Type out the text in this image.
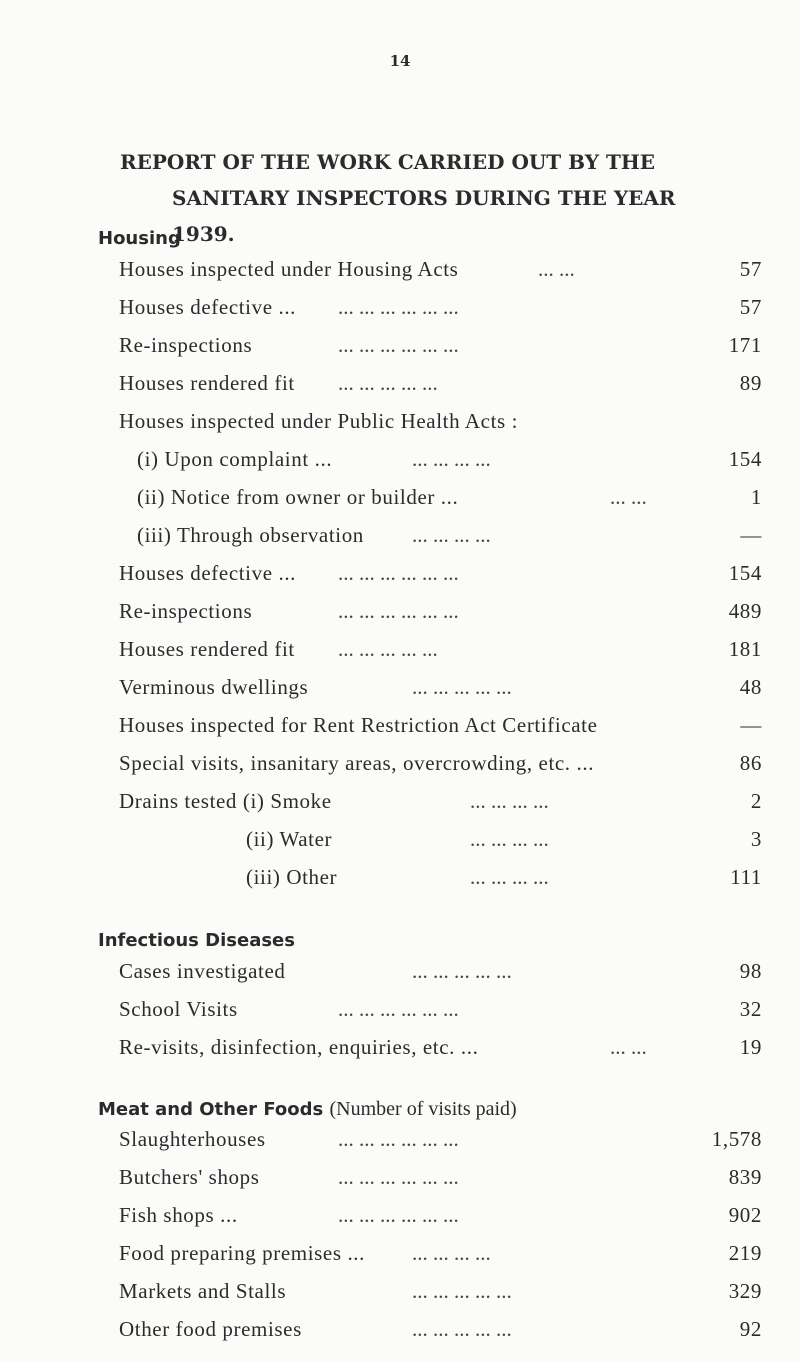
14
REPORT OF THE WORK CARRIED OUT BY THE
SANITARY INSPECTORS DURING THE YEAR 1939.
Housing
Houses inspected under Housing Acts	... ...	57
Houses defective ... ... ... ... ... ... ...	57
Re-inspections	... ... ... ... ... ...	171
Houses rendered fit ... ... ... ... ...	89
Houses inspected under Public Health Acts :
(i) Upon complaint ...	... ... ... ...	154
(ii) Notice from owner or builder ...	... ...	1
(iii) Through observation ... ... ... ...	—
Houses defective ... ... ... ... ... ... ...	154
Re-inspections	... ... ... ... ... ...	489
Houses rendered fit ... ... ... ... ...	181
Verminous dwellings	... ... ... ... ...	48
Houses inspected for Rent Restriction Act Certificate	—
Special visits, insanitary areas, overcrowding, etc. ...	86
Drains tested (i) Smoke	... ... ... ...	2
(ii) Water	... ... ... ...	3
(iii) Other	... ... ... ...	111
Infectious Diseases
Cases investigated	... ... ... ... ...	98
School Visits	... ... ... ... ... ...	32
Re-visits, disinfection, enquiries, etc. ...	... ...	19
Meat and Other Foods (Number of visits paid)
Slaughterhouses	... ... ... ... ... ...	1,578
Butchers' shops	... ... ... ... ... ...	839
Fish shops ...	... ... ... ... ... ...	902
Food preparing premises ... ... ... ... ...	219
Markets and Stalls	... ... ... ... ...	329
Other food premises	... ... ... ... ...	92
